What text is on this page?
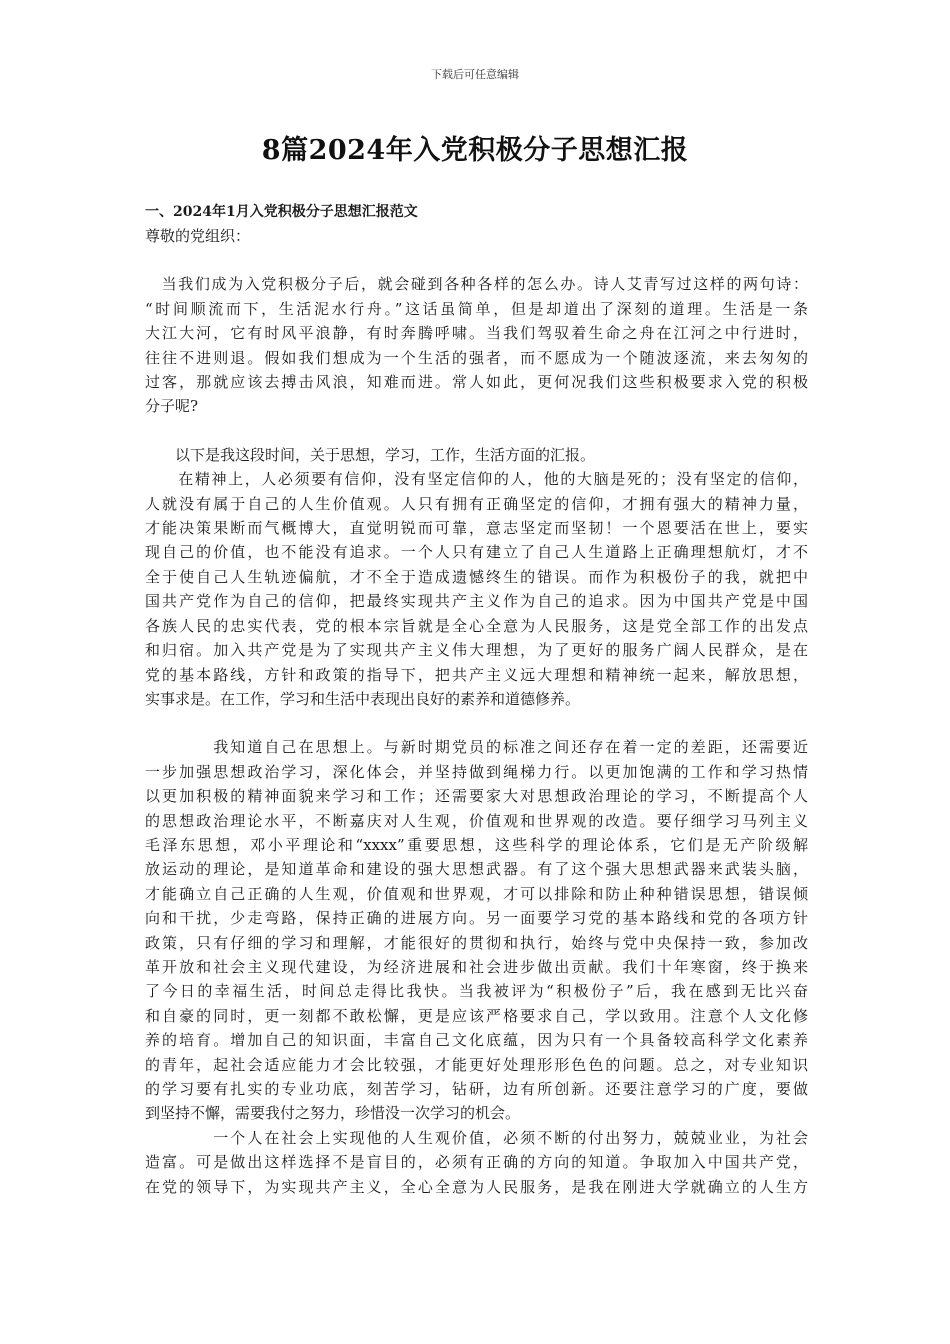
下载后可任意编辑
8篇2024年入党积极分子思想汇报
一、2024年1月入党积极分子思想汇报范文
尊敬的党组织：
　当我们成为入党积极分子后，就会碰到各种各样的怎么办。诗人艾青写过这样的两句诗：
“时间顺流而下，生活泥水行舟。”这话虽简单，但是却道出了深刻的道理。生活是一条
大江大河，它有时风平浪静，有时奔腾呼啸。当我们驾驭着生命之舟在江河之中行进时，
往往不进则退。假如我们想成为一个生活的强者，而不愿成为一个随波逐流，来去匆匆的
过客，那就应该去搏击风浪，知难而进。常人如此，更何况我们这些积极要求入党的积极
分子呢?
　　以下是我这段时间，关于思想，学习，工作，生活方面的汇报。
　　在精神上，人必须要有信仰，没有坚定信仰的人，他的大脑是死的；没有坚定的信仰，
人就没有属于自己的人生价值观。人只有拥有正确坚定的信仰，才拥有强大的精神力量，
才能决策果断而气概博大，直觉明锐而可靠，意志坚定而坚韧！一个恩要活在世上，要实
现自己的价值，也不能没有追求。一个人只有建立了自己人生道路上正确理想航灯，才不
全于使自己人生轨迹偏航，才不全于造成遗憾终生的错误。而作为积极份子的我，就把中
国共产党作为自己的信仰，把最终实现共产主义作为自己的追求。因为中国共产党是中国
各族人民的忠实代表，党的根本宗旨就是全心全意为人民服务，这是党全部工作的出发点
和归宿。加入共产党是为了实现共产主义伟大理想，为了更好的服务广阔人民群众，是在
党的基本路线，方针和政策的指导下，把共产主义远大理想和精神统一起来，解放思想，
实事求是。在工作，学习和生活中表现出良好的素养和道德修养。
　　　　我知道自己在思想上。与新时期党员的标准之间还存在着一定的差距，还需要近
一步加强思想政治学习，深化体会，并坚持做到绳梯力行。以更加饱满的工作和学习热情
以更加积极的精神面貌来学习和工作；还需要家大对思想政治理论的学习，不断提高个人
的思想政治理论水平，不断嘉庆对人生观，价值观和世界观的改造。要仔细学习马列主义
毛泽东思想，邓小平理论和“xxxx”重要思想，这些科学的理论体系，它们是无产阶级解
放运动的理论，是知道革命和建设的强大思想武器。有了这个强大思想武器来武装头脑，
才能确立自己正确的人生观，价值观和世界观，才可以排除和防止种种错误思想，错误倾
向和干扰，少走弯路，保持正确的进展方向。另一面要学习党的基本路线和党的各项方针
政策，只有仔细的学习和理解，才能很好的贯彻和执行，始终与党中央保持一致，参加改
革开放和社会主义现代建设，为经济进展和社会进步做出贡献。我们十年寒窗，终于换来
了今日的幸福生活，时间总走得比我快。当我被评为“积极份子”后，我在感到无比兴奋
和自豪的同时，更一刻都不敢松懈，更是应该严格要求自己，学以致用。注意个人文化修
养的培育。增加自己的知识面，丰富自己文化底蕴，因为只有一个具备较高科学文化素养
的青年，起社会适应能力才会比较强，才能更好处理形形色色的问题。总之，对专业知识
的学习要有扎实的专业功底，刻苦学习，钻研，边有所创新。还要注意学习的广度，要做
到坚持不懈，需要我付之努力，珍惜没一次学习的机会。
　　　　一个人在社会上实现他的人生观价值，必须不断的付出努力，兢兢业业，为社会
造富。可是做出这样选择不是盲目的，必须有正确的方向的知道。争取加入中国共产党，
在党的领导下，为实现共产主义，全心全意为人民服务，是我在刚进大学就确立的人生方
